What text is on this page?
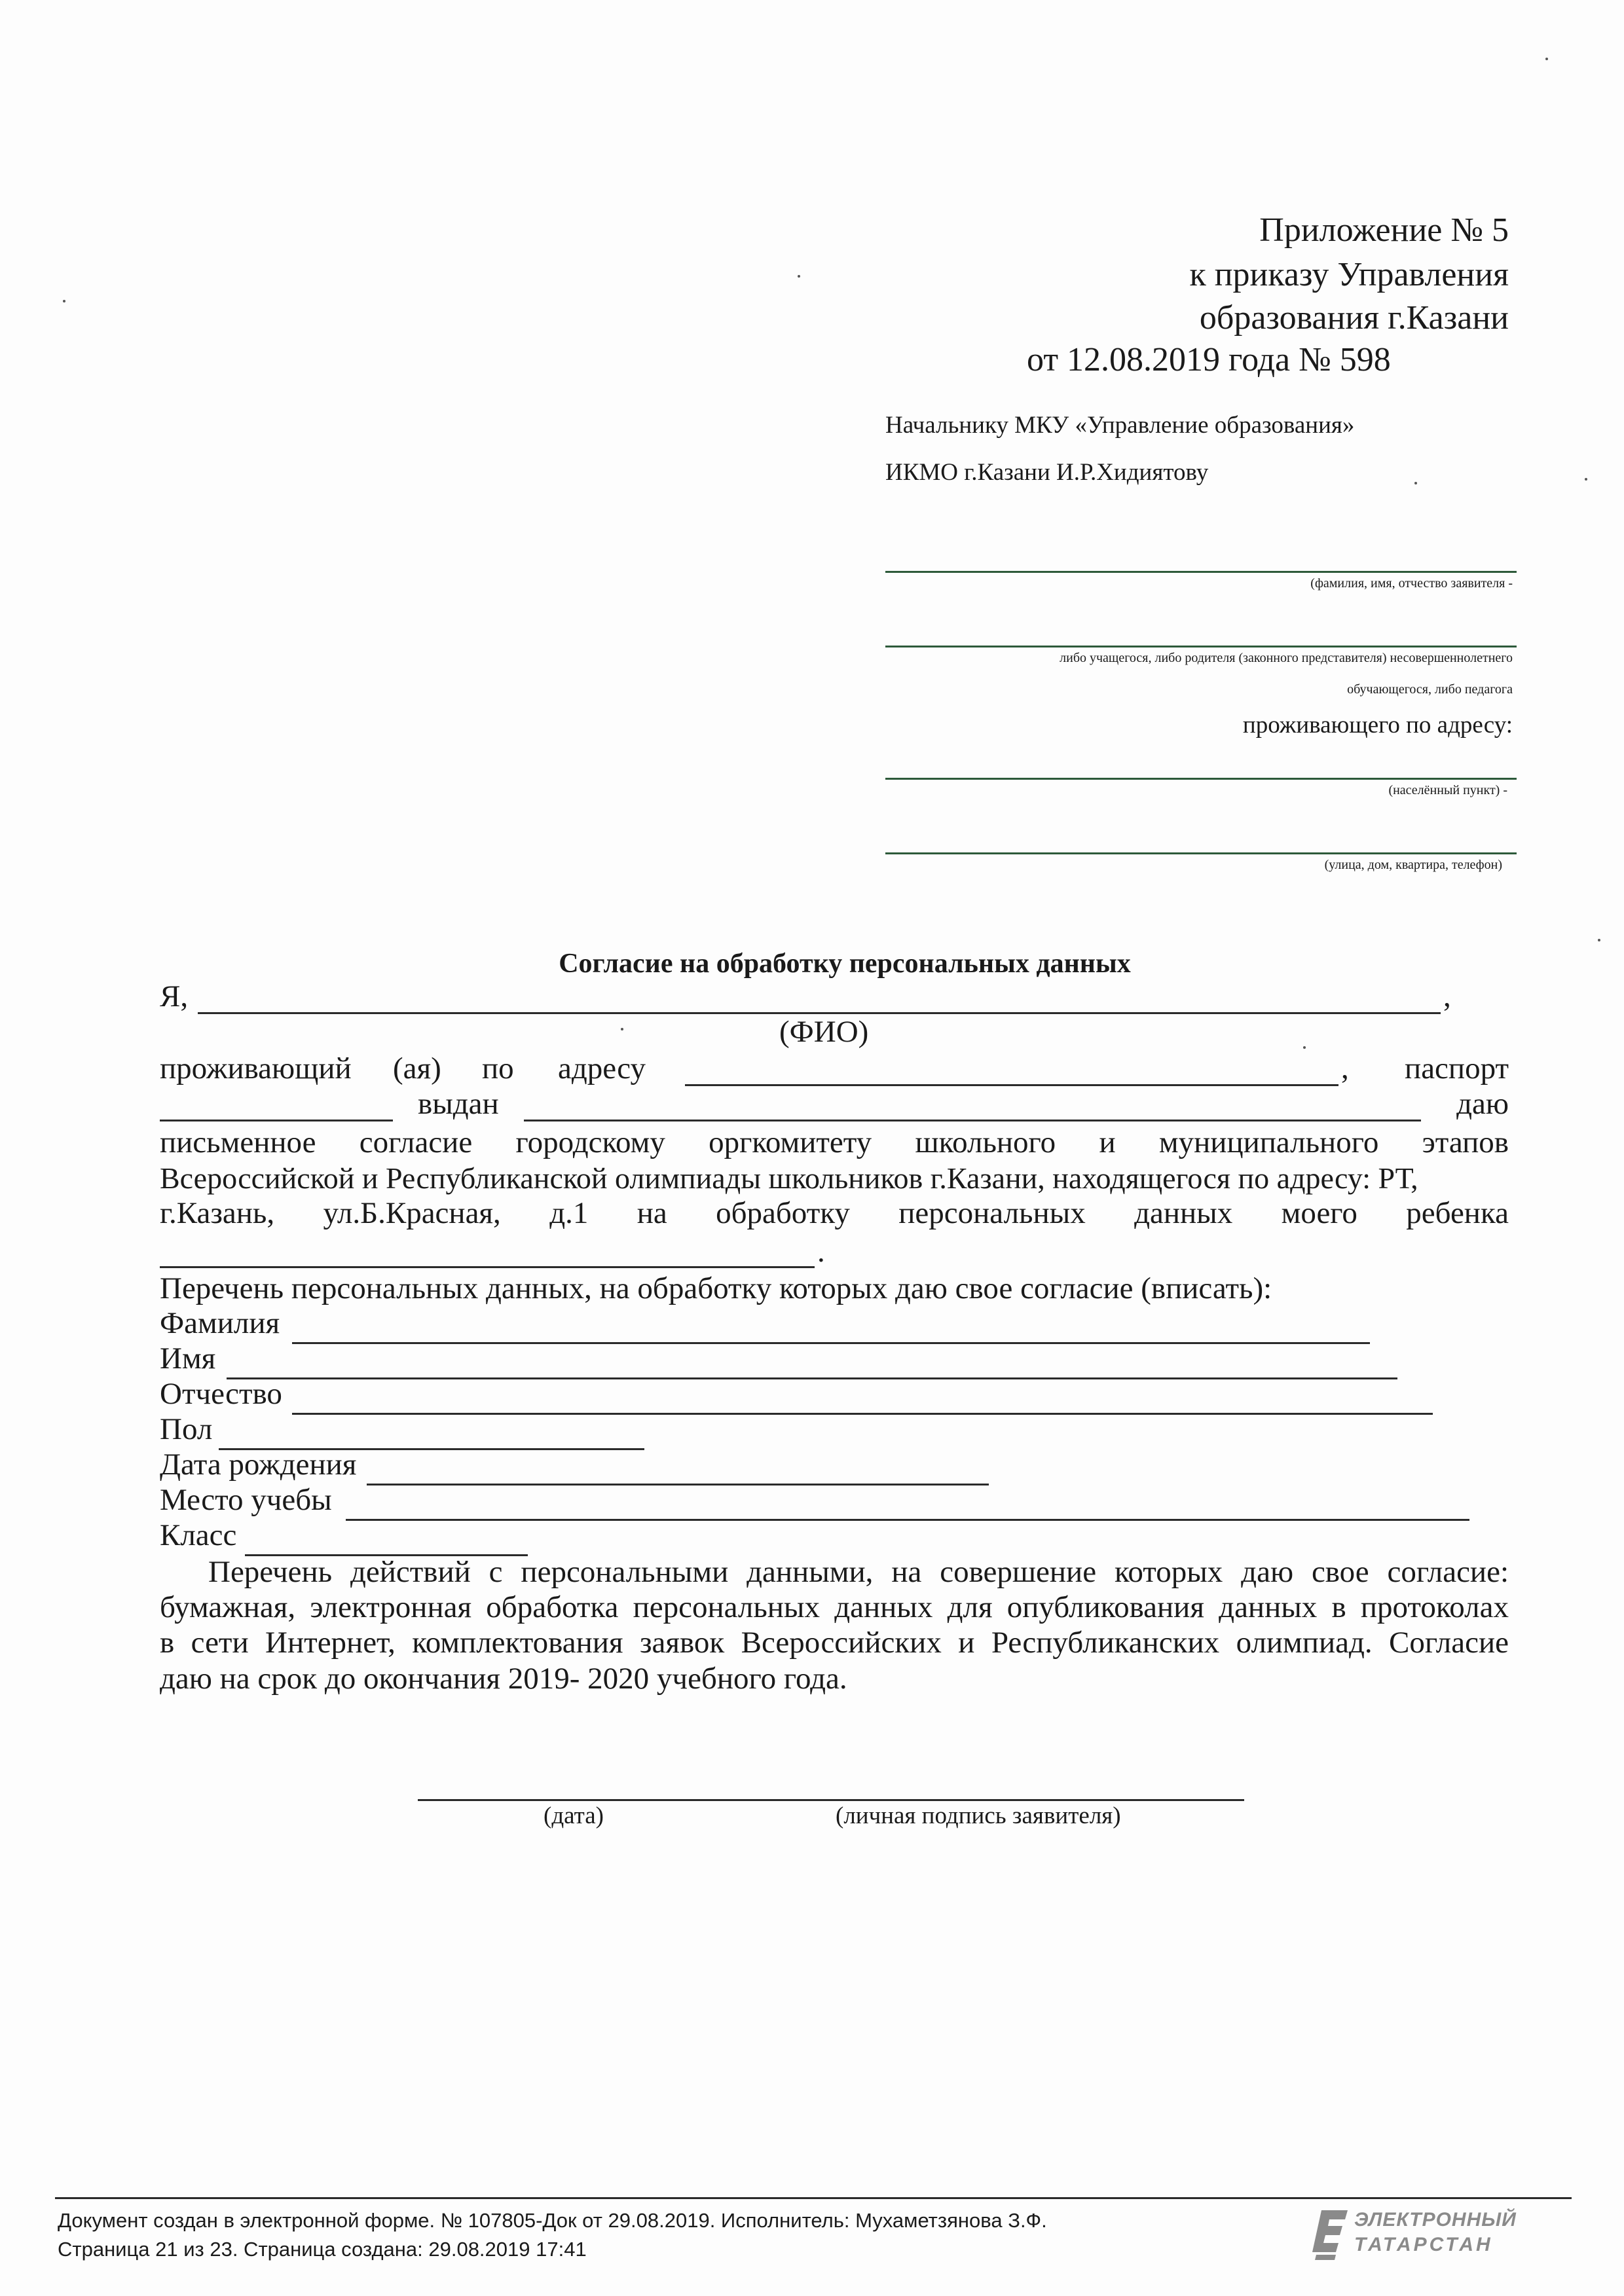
Приложение № 5
к приказу Управления
образования г.Казани
от 12.08.2019 года № 598
Начальнику МКУ «Управление образования»
ИКМО г.Казани И.Р.Хидиятову
(фамилия, имя, отчество заявителя -
либо учащегося, либо родителя (законного представителя) несовершеннолетнего
обучающегося, либо педагога
проживающего по адресу:
(населённый пункт) -
(улица, дом, квартира, телефон)
Согласие на обработку персональных данных
Я,	,
(ФИО)
проживающий (ая) по адресу	, паспорт
выдан	даю
письменное согласие городскому оргкомитету школьного и муниципального этапов
Всероссийской и Республиканской олимпиады школьников г.Казани, находящегося по адресу: РТ,
г.Казань, ул.Б.Красная, д.1 на обработку персональных данных моего ребенка
.
Перечень персональных данных, на обработку которых даю свое согласие (вписать):
Фамилия
Имя
Отчество
Пол
Дата рождения
Место учебы
Класс
Перечень действий с персональными данными, на совершение которых даю свое согласие:
бумажная, электронная обработка персональных данных для опубликования данных в протоколах
в сети Интернет, комплектования заявок Всероссийских и Республиканских олимпиад. Согласие
даю на срок до окончания 2019- 2020 учебного года.
(дата)	(личная подпись заявителя)
Документ создан в электронной форме. № 107805-Док от 29.08.2019. Исполнитель: Мухаметзянова З.Ф.
Страница 21 из 23. Страница создана: 29.08.2019 17:41
ЭЛЕКТРОННЫЙ
ТАТАРСТАН
